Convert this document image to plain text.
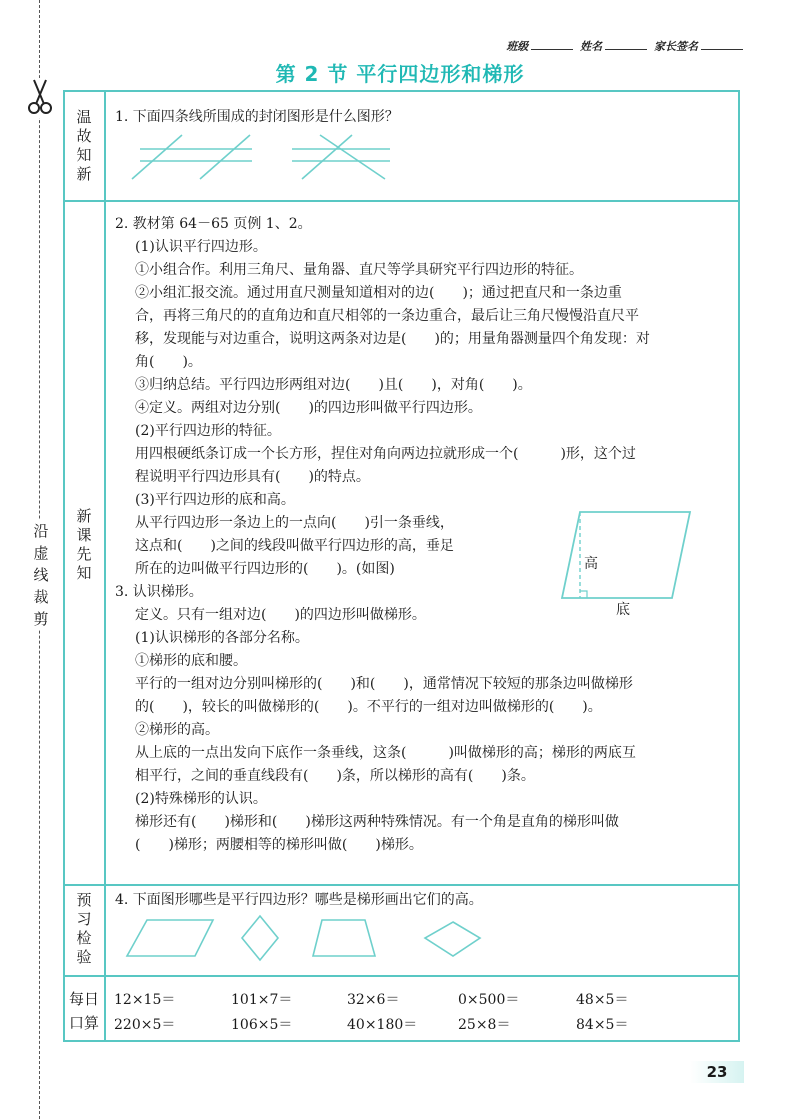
沿
虚
线
裁
剪
班级	姓名	家长签名
第 2 节 平行四边形和梯形
温
故
知
新
新
课
先
知
预
习
检
验
每日
口算

1. 下面四条线所围成的封闭图形是什么图形？

2. 教材第 64－65 页例 1、2。

(1)认识平行四边形。

①小组合作。利用三角尺、量角器、直尺等学具研究平行四边形的特征。

②小组汇报交流。通过用直尺测量知道相对的边(　　)；通过把直尺和一条边重

合，再将三角尺的的直角边和直尺相邻的一条边重合，最后让三角尺慢慢沿直尺平

移，发现能与对边重合，说明这两条对边是(　　)的；用量角器测量四个角发现：对

角(　　)。

③归纳总结。平行四边形两组对边(　　)且(　　)，对角(　　)。

④定义。两组对边分别(　　)的四边形叫做平行四边形。

(2)平行四边形的特征。

用四根硬纸条订成一个长方形，捏住对角向两边拉就形成一个(　　　)形，这个过

程说明平行四边形具有(　　)的特点。

(3)平行四边形的底和高。

从平行四边形一条边上的一点向(　　)引一条垂线，

这点和(　　)之间的线段叫做平行四边形的高，垂足

所在的边叫做平行四边形的(　　)。(如图)

3. 认识梯形。

定义。只有一组对边(　　)的四边形叫做梯形。

(1)认识梯形的各部分名称。

①梯形的底和腰。

平行的一组对边分别叫梯形的(　　)和(　　)，通常情况下较短的那条边叫做梯形

的(　　)，较长的叫做梯形的(　　)。不平行的一组对边叫做梯形的(　　)。

②梯形的高。

从上底的一点出发向下底作一条垂线，这条(　　　)叫做梯形的高；梯形的两底互

相平行，之间的垂直线段有(　　)条，所以梯形的高有(　　)条。

(2)特殊梯形的认识。

梯形还有(　　)梯形和(　　)梯形这两种特殊情况。有一个角是直角的梯形叫做

(　　)梯形；两腰相等的梯形叫做(　　)梯形。

高
底

4. 下面图形哪些是平行四边形？哪些是梯形画出它们的高。

12×15＝	101×7＝	32×6＝	0×500＝	48×5＝
220×5＝	106×5＝	40×180＝	25×8＝	84×5＝
23
